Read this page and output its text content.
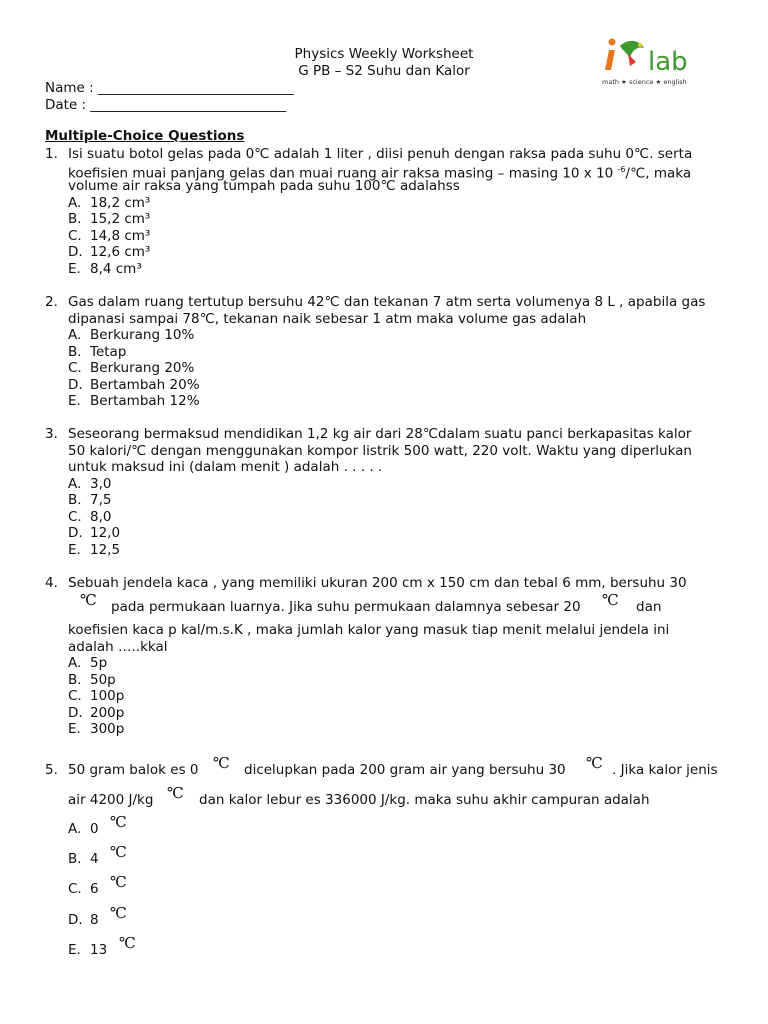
Physics Weekly Worksheet
G PB – S2 Suhu dan Kalor	lab
math ★ science ★ english
Name : _____________________________
Date : _____________________________
Multiple-Choice Questions
1. Isi suatu botol gelas pada 0℃ adalah 1 liter , diisi penuh dengan raksa pada suhu 0℃. serta
koefisien muai panjang gelas dan muai ruang air raksa masing – masing 10 x 10 $^{-6}$/℃, maka
volume air raksa yang tumpah pada suhu 100℃ adalahss
A. 18,2 cm³
B. 15,2 cm³
C. 14,8 cm³
D. 12,6 cm³
E. 8,4 cm³
2. Gas dalam ruang tertutup bersuhu 42℃ dan tekanan 7 atm serta volumenya 8 L , apabila gas
dipanasi sampai 78℃, tekanan naik sebesar 1 atm maka volume gas adalah
A. Berkurang 10%
B. Tetap
C. Berkurang 20%
D. Bertambah 20%
E. Bertambah 12%
3. Seseorang bermaksud mendidikan 1,2 kg air dari 28℃dalam suatu panci berkapasitas kalor
50 kalori/℃ dengan menggunakan kompor listrik 500 watt, 220 volt. Waktu yang diperlukan
untuk maksud ini (dalam menit ) adalah . . . . .
A. 3,0
B. 7,5
C. 8,0
D. 12,0
E. 12,5
4. Sebuah jendela kaca , yang memiliki ukuran 200 cm x 150 cm dan tebal 6 mm, bersuhu 30
℃ pada permukaan luarnya. Jika suhu permukaan dalamnya sebesar 20 ℃ dan
koefisien kaca p kal/m.s.K , maka jumlah kalor yang masuk tiap menit melalui jendela ini
adalah …..kkal
A. 5p
B. 50p
C. 100p
D. 200p
E. 300p
5. 50 gram balok es 0 ℃ dicelupkan pada 200 gram air yang bersuhu 30 ℃ . Jika kalor jenis
air 4200 J/kg ℃ dan kalor lebur es 336000 J/kg. maka suhu akhir campuran adalah
A. 0 ℃
B. 4 ℃
C. 6 ℃
D. 8 ℃
E. 13 ℃
